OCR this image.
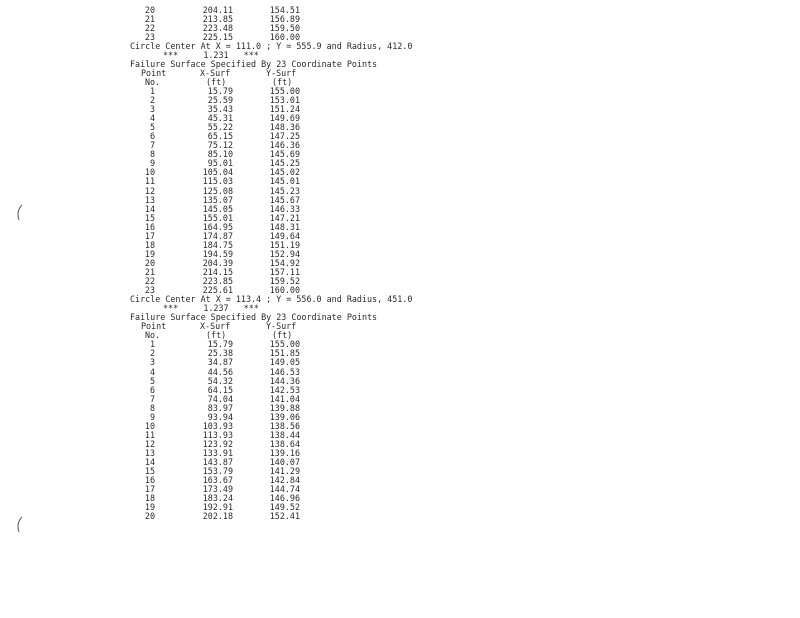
20	204.11	154.51
21	213.85	156.89
22	223.48	159.50
23	225.15	160.00
Circle Center At X = 111.0 ; Y = 555.9 and Radius, 412.0
***     1.231   ***
Failure Surface Specified By 23 Coordinate Points
Point	X-Surf	Y-Surf
No.	(ft)	(ft)
1	15.79	155.00
2	25.59	153.01
3	35.43	151.24
4	45.31	149.69
5	55.22	148.36
6	65.15	147.25
7	75.12	146.36
8	85.10	145.69
9	95.01	145.25
10	105.04	145.02
11	115.03	145.01
12	125.08	145.23
13	135.07	145.67
14	145.05	146.33
15	155.01	147.21
16	164.95	148.31
17	174.87	149.64
18	184.75	151.19
19	194.59	152.94
20	204.39	154.92
21	214.15	157.11
22	223.85	159.52
23	225.61	160.00
Circle Center At X = 113.4 ; Y = 556.0 and Radius, 451.0
***     1.237   ***
Failure Surface Specified By 23 Coordinate Points
Point	X-Surf	Y-Surf
No.	(ft)	(ft)
1	15.79	155.00
2	25.38	151.85
3	34.87	149.05
4	44.56	146.53
5	54.32	144.36
6	64.15	142.53
7	74.04	141.04
8	83.97	139.88
9	93.94	139.06
10	103.93	138.56
11	113.93	138.44
12	123.92	138.64
13	133.91	139.16
14	143.87	140.07
15	153.79	141.29
16	163.67	142.84
17	173.49	144.74
18	183.24	146.96
19	192.91	149.52
20	202.18	152.41
